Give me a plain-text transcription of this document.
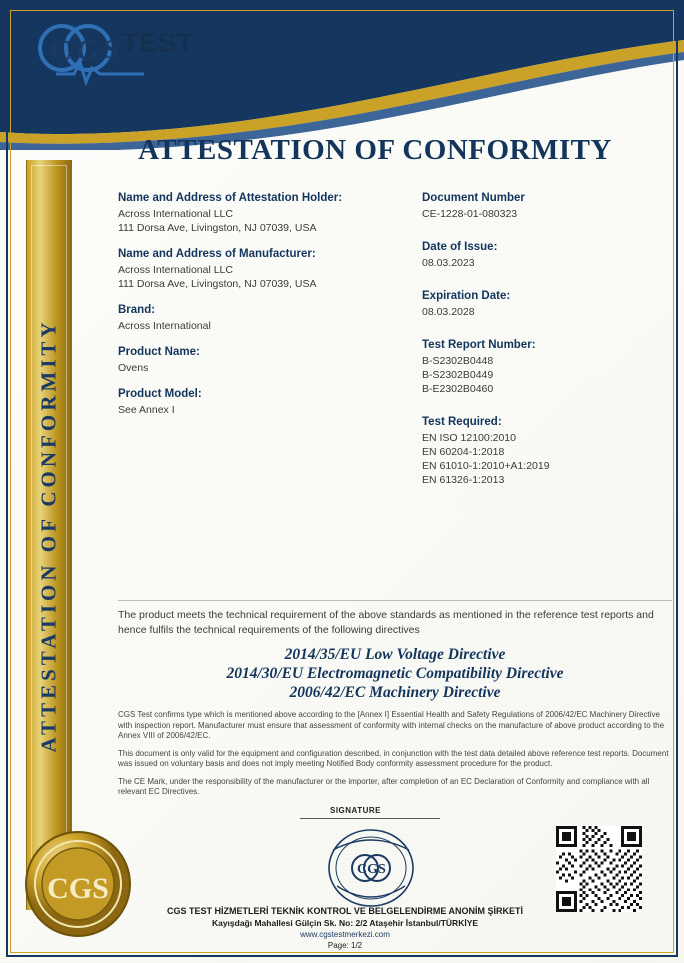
C G S TEST
ATTESTATION OF CONFORMITY
ATTESTATION OF CONFORMITY
Name and Address of Attestation Holder:
Across International LLC
111 Dorsa Ave, Livingston, NJ 07039, USA
Name and Address of Manufacturer:
Across International LLC
111 Dorsa Ave, Livingston, NJ 07039, USA
Brand:
Across International
Product Name:
Ovens
Product Model:
See Annex I
Document Number
CE-1228-01-080323
Date of Issue:
08.03.2023
Expiration Date:
08.03.2028
Test Report Number:
B-S2302B0448
B-S2302B0449
B-E2302B0460
Test Required:
EN ISO 12100:2010
EN 60204-1:2018
EN 61010-1:2010+A1:2019
EN 61326-1:2013
The product meets the technical requirement of the above standards as mentioned in the reference test reports and hence fulfils the technical requirements of the following directives
2014/35/EU Low Voltage Directive
2014/30/EU Electromagnetic Compatibility Directive
2006/42/EC Machinery Directive

CGS Test confirms type which is mentioned above according to the [Annex I] Essential Health and Safety Regulations of 2006/42/EC Machinery Directive with inspection report. Manufacturer must ensure that assessment of conformity with internal checks on the manufacture of above product according to the Annex VIII of 2006/42/EC.

This document is only valid for the equipment and configuration described, in conjunction with the test data detailed above reference test reports. Document was issued on voluntary basis and does not imply meeting Notified Body conformity assessment procedure for the product.

The CE Mark, under the responsibility of the manufacturer or the importer, after completion of an EC Declaration of Conformity and compliance with all relevant EC Directives.

SIGNATURE
CGS
CGS
CGS TEST HİZMETLERİ TEKNİK KONTROL VE BELGELENDİRME ANONİM ŞİRKETİ
Kayışdağı Mahallesi Gülçin Sk. No: 2/2 Ataşehir İstanbul/TÜRKİYE
www.cgstestmerkezi.com
Page: 1/2
